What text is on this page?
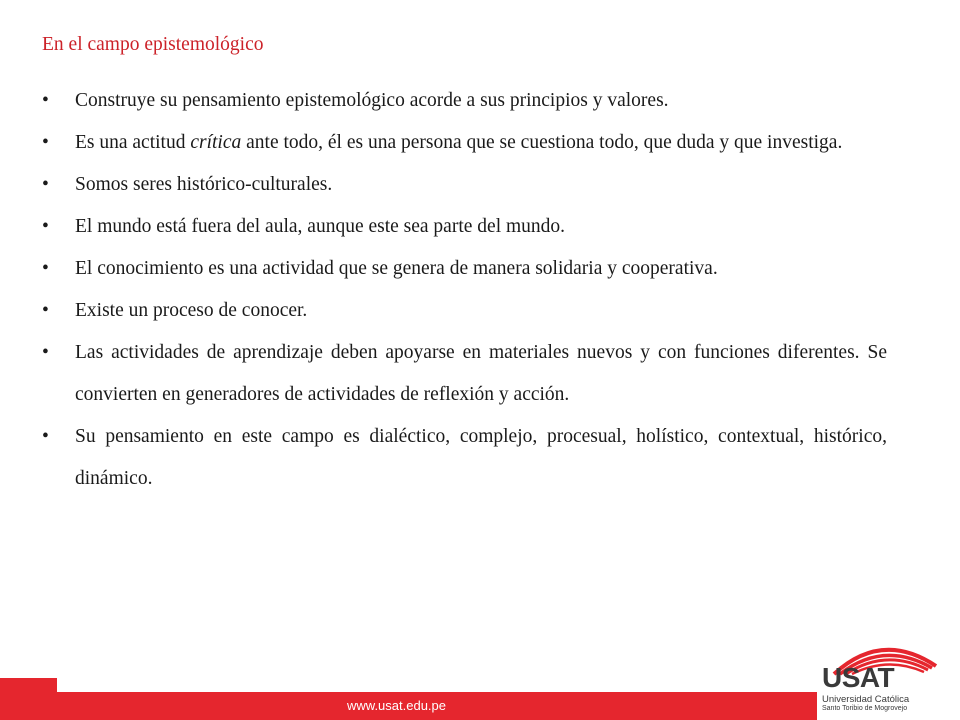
En el campo epistemológico
• Construye su pensamiento epistemológico acorde a sus principios y valores.
• Es una actitud crítica ante todo, él es una persona que se cuestiona todo, que duda y que investiga.
• Somos seres histórico-culturales.
• El mundo está fuera del aula, aunque este sea parte del mundo.
• El conocimiento es una actividad que se genera de manera solidaria y cooperativa.
• Existe un proceso de conocer.
• Las actividades de aprendizaje deben apoyarse en materiales nuevos y con funciones diferentes. Se convierten en generadores de actividades de reflexión y acción.
• Su pensamiento en este campo es dialéctico, complejo, procesual, holístico, contextual, histórico, dinámico.
www.usat.edu.pe
USAT
Universidad Católica
Santo Toribio de Mogrovejo
